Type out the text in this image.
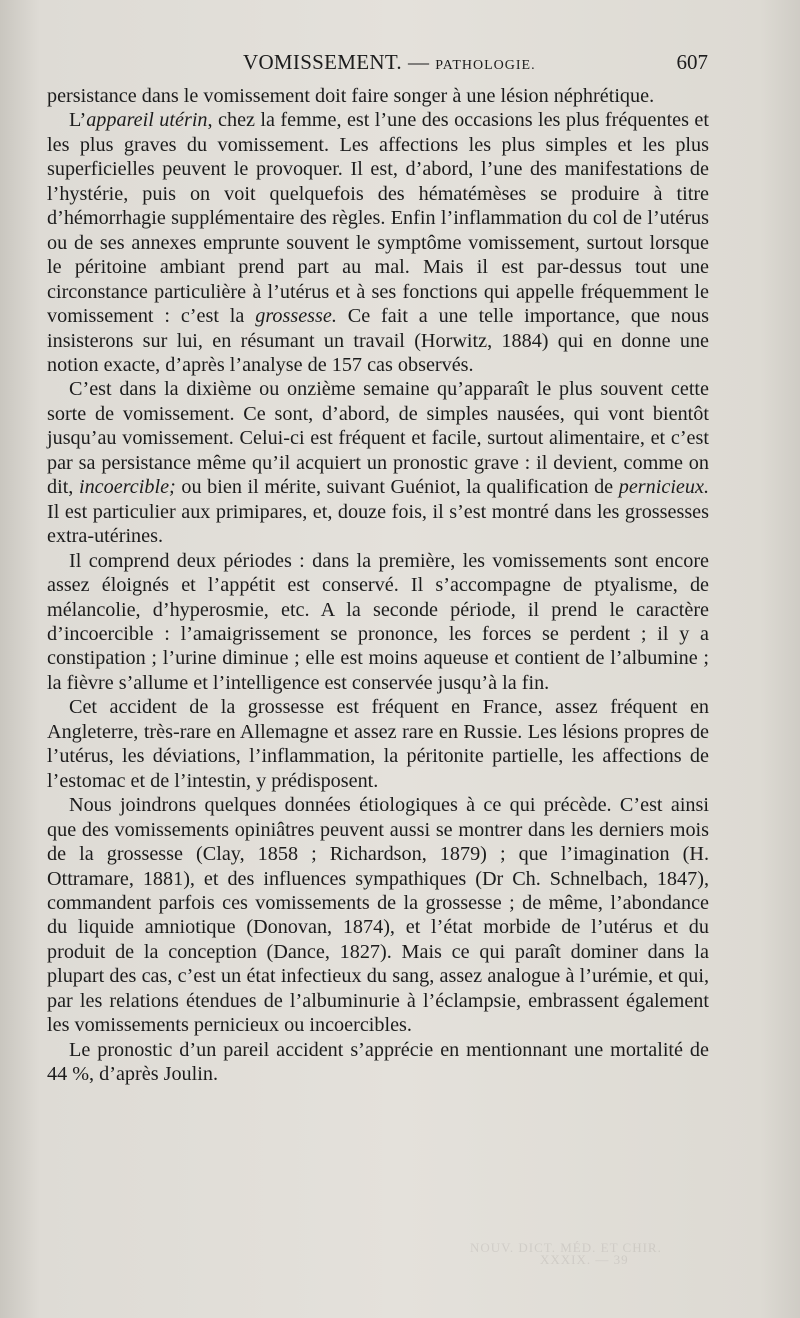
VOMISSEMENT. — PATHOLOGIE.	607

persistance dans le vomissement doit faire songer à une lésion néphrétique.

L’appareil utérin, chez la femme, est l’une des occasions les plus fréquentes et les plus graves du vomissement. Les affections les plus simples et les plus superficielles peuvent le provoquer. Il est, d’abord, l’une des manifestations de l’hystérie, puis on voit quelquefois des hématémèses se produire à titre d’hémorrhagie supplémentaire des règles. Enfin l’inflammation du col de l’utérus ou de ses annexes emprunte souvent le symptôme vomissement, surtout lorsque le péritoine ambiant prend part au mal. Mais il est par-dessus tout une circonstance particulière à l’utérus et à ses fonctions qui appelle fréquemment le vomissement : c’est la grossesse. Ce fait a une telle importance, que nous insisterons sur lui, en résumant un travail (Horwitz, 1884) qui en donne une notion exacte, d’après l’analyse de 157 cas observés.

C’est dans la dixième ou onzième semaine qu’apparaît le plus souvent cette sorte de vomissement. Ce sont, d’abord, de simples nausées, qui vont bientôt jusqu’au vomissement. Celui-ci est fréquent et facile, surtout alimentaire, et c’est par sa persistance même qu’il acquiert un pronostic grave : il devient, comme on dit, incoercible; ou bien il mérite, suivant Guéniot, la qualification de pernicieux. Il est particulier aux primipares, et, douze fois, il s’est montré dans les grossesses extra-utérines.

Il comprend deux périodes : dans la première, les vomissements sont encore assez éloignés et l’appétit est conservé. Il s’accompagne de ptyalisme, de mélancolie, d’hyperosmie, etc. A la seconde période, il prend le caractère d’incoercible : l’amaigrissement se prononce, les forces se perdent ; il y a constipation ; l’urine diminue ; elle est moins aqueuse et contient de l’albumine ; la fièvre s’allume et l’intelligence est conservée jusqu’à la fin.

Cet accident de la grossesse est fréquent en France, assez fréquent en Angleterre, très-rare en Allemagne et assez rare en Russie. Les lésions propres de l’utérus, les déviations, l’inflammation, la péritonite partielle, les affections de l’estomac et de l’intestin, y prédisposent.

Nous joindrons quelques données étiologiques à ce qui précède. C’est ainsi que des vomissements opiniâtres peuvent aussi se montrer dans les derniers mois de la grossesse (Clay, 1858 ; Richardson, 1879) ; que l’imagination (H. Ottramare, 1881), et des influences sympathiques (Dr Ch. Schnelbach, 1847), commandent parfois ces vomissements de la grossesse ; de même, l’abondance du liquide amniotique (Donovan, 1874), et l’état morbide de l’utérus et du produit de la conception (Dance, 1827). Mais ce qui paraît dominer dans la plupart des cas, c’est un état infectieux du sang, assez analogue à l’urémie, et qui, par les relations étendues de l’albuminurie à l’éclampsie, embrassent également les vomissements pernicieux ou incoercibles.

Le pronostic d’un pareil accident s’apprécie en mentionnant une mortalité de 44 %, d’après Joulin.

NOUV. DICT. MÉD. ET CHIR.
XXXIX. — 39
